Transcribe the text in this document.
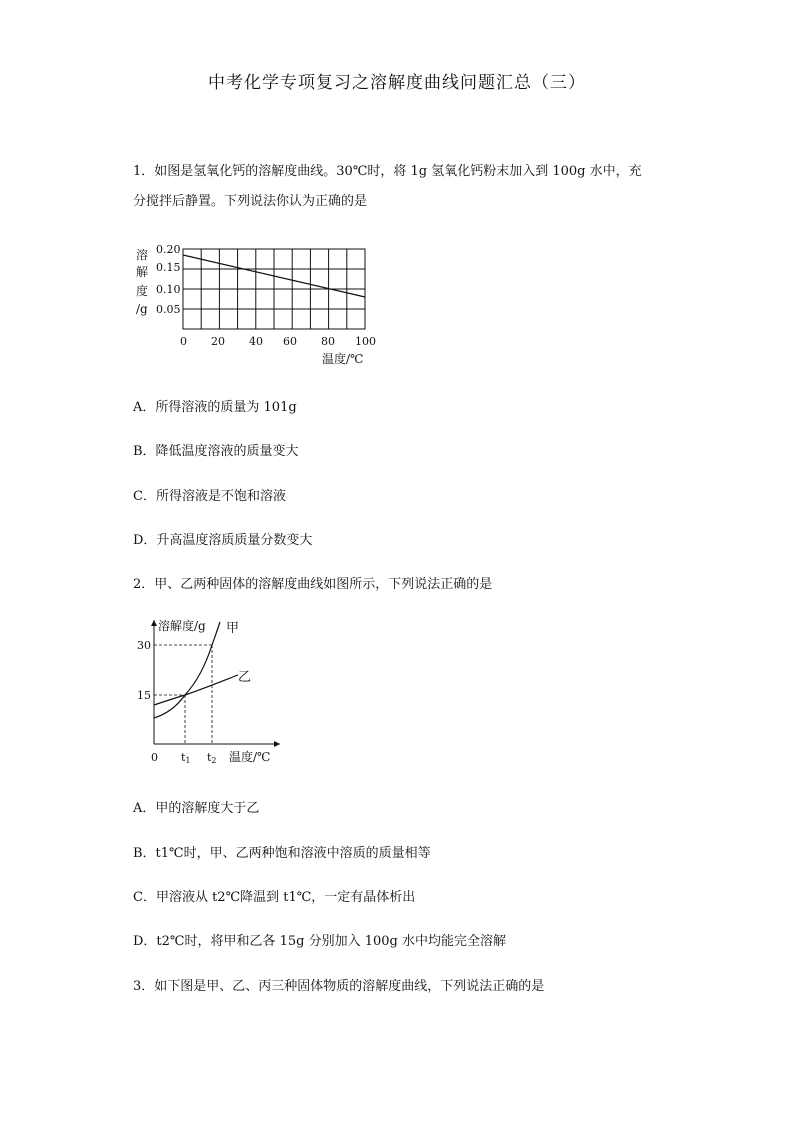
中考化学专项复习之溶解度曲线问题汇总（三）
1．如图是氢氧化钙的溶解度曲线。30℃时，将 1g 氢氧化钙粉末加入到 100g 水中，充
分搅拌后静置。下列说法你认为正确的是
溶
解
度
/g
0.20
0.15
0.10
0.05
0 20 40 60 80 100
温度/℃
A．所得溶液的质量为 101g
B．降低温度溶液的质量变大
C．所得溶液是不饱和溶液
D．升高温度溶质质量分数变大
2．甲、乙两种固体的溶解度曲线如图所示，下列说法正确的是
溶解度/g
30
15
0 t1 t2 温度/℃
甲
乙
A．甲的溶解度大于乙
B．t1℃时，甲、乙两种饱和溶液中溶质的质量相等
C．甲溶液从 t2℃降温到 t1℃，一定有晶体析出
D．t2℃时，将甲和乙各 15g 分别加入 100g 水中均能完全溶解
3．如下图是甲、乙、丙三种固体物质的溶解度曲线，下列说法正确的是
